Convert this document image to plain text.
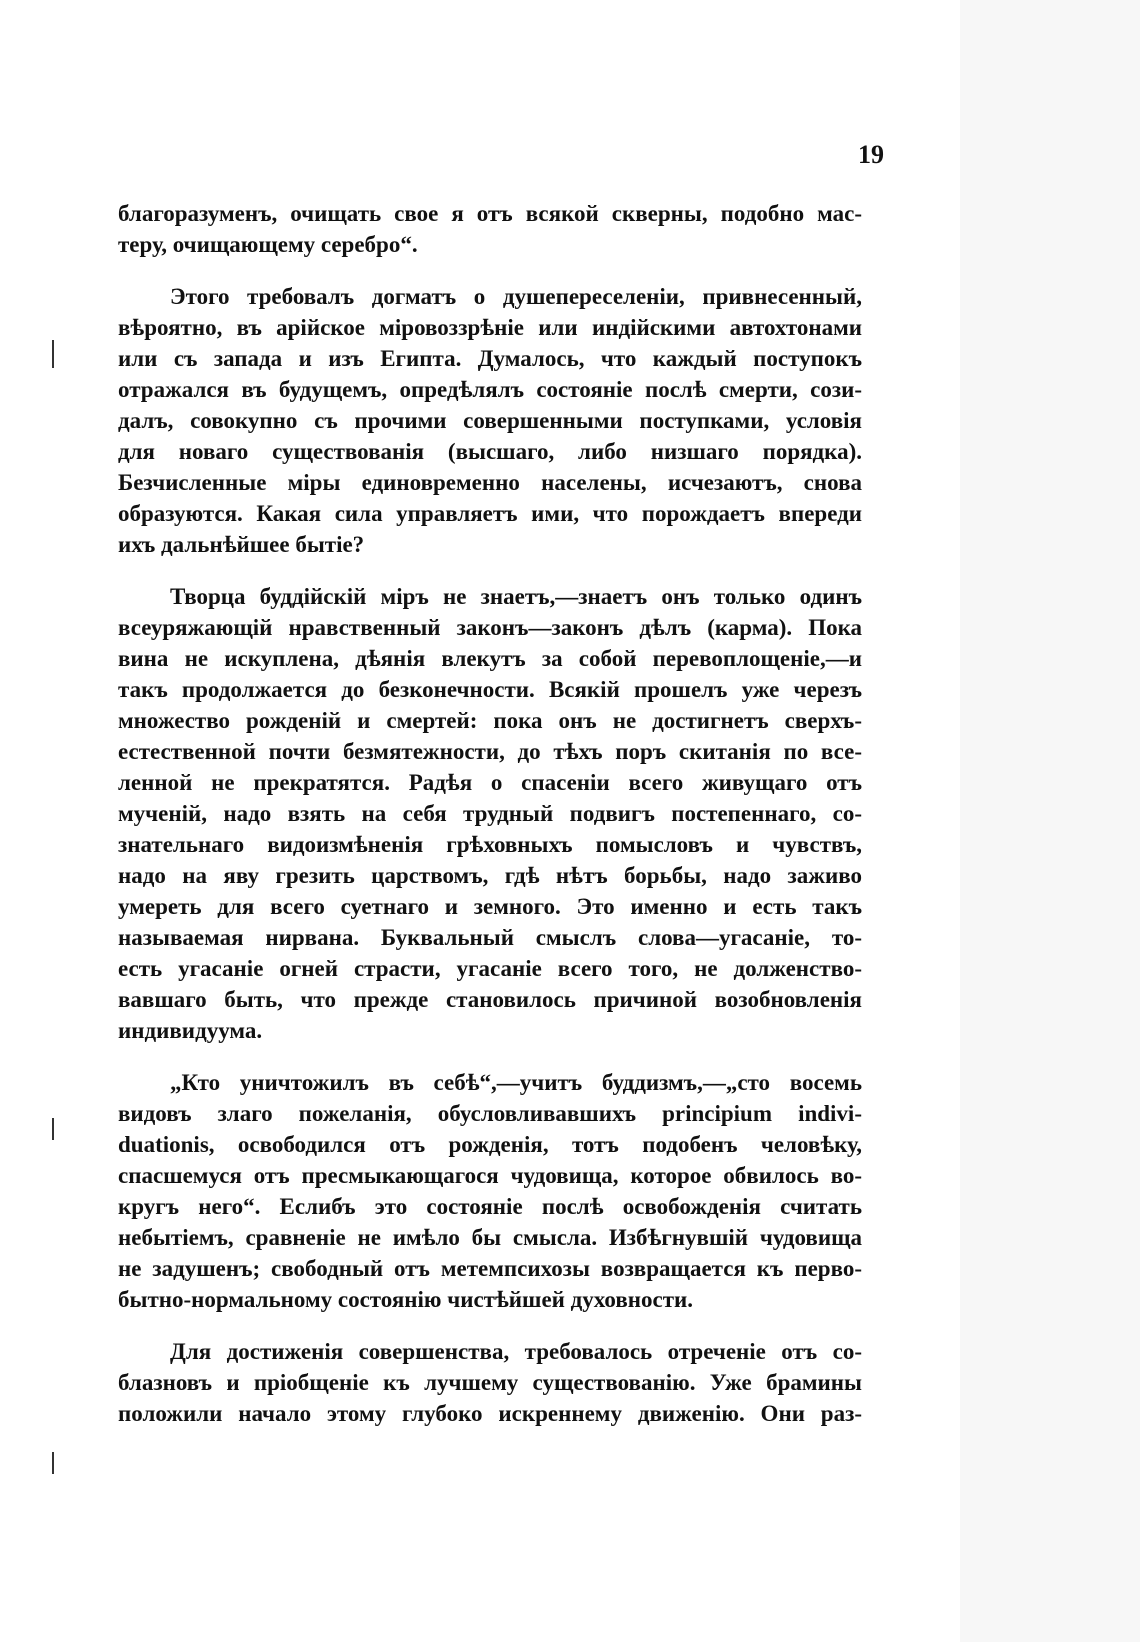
19
благоразуменъ, очищать свое я отъ всякой скверны, подобно мас-
теру, очищающему серебро“.
Этого требовалъ догматъ о душепереселенiи, привнесенный,
вѣроятно, въ арiйское мiровоззрѣнiе или индiйскими автохтонами
или съ запада и изъ Египта. Думалось, что каждый поступокъ
отражался въ будущемъ, опредѣлялъ состоянiе послѣ смерти, сози-
далъ, совокупно съ прочими совершенными поступками, условiя
для новаго существованiя (высшаго, либо низшаго порядка).
Безчисленные мiры единовременно населены, исчезаютъ, снова
образуются. Какая сила управляетъ ими, что порождаетъ впереди
ихъ дальнѣйшее бытiе?
Творца буддiйскiй мiръ не знаетъ,—знаетъ онъ только одинъ
всеуряжающiй нравственный законъ—законъ дѣлъ (карма). Пока
вина не искуплена, дѣянiя влекутъ за собой перевоплощенiе,—и
такъ продолжается до безконечности. Всякiй прошелъ уже черезъ
множество рожденiй и смертей: пока онъ не достигнетъ сверхъ-
естественной почти безмятежности, до тѣхъ поръ скитанiя по все-
ленной не прекратятся. Радѣя о спасенiи всего живущаго отъ
мученiй, надо взять на себя трудный подвигъ постепеннаго, со-
знательнаго видоизмѣненiя грѣховныхъ помысловъ и чувствъ,
надо на яву грезить царствомъ, гдѣ нѣтъ борьбы, надо заживо
умереть для всего суетнаго и земного. Это именно и есть такъ
называемая нирвана. Буквальный смыслъ слова—угасанiе, то-
есть угасанiе огней страсти, угасанiе всего того, не долженство-
вавшаго быть, что прежде становилось причиной возобновленiя
индивидуума.
„Кто уничтожилъ въ себѣ“,—учитъ буддизмъ,—„сто восемь
видовъ злаго пожеланiя, обусловливавшихъ principium indivi-
duationis, освободился отъ рожденiя, тотъ подобенъ человѣку,
спасшемуся отъ пресмыкающагося чудовища, которое обвилось во-
кругъ него“. Еслибъ это состоянiе послѣ освобожденiя считать
небытiемъ, сравненiе не имѣло бы смысла. Избѣгнувшiй чудовища
не задушенъ; свободный отъ метемпсихозы возвращается къ перво-
бытно-нормальному состоянiю чистѣйшей духовности.
Для достиженiя совершенства, требовалось отреченiе отъ со-
блазновъ и прiобщенiе къ лучшему существованiю. Уже брамины
положили начало этому глубоко искреннему движенiю. Они раз-
